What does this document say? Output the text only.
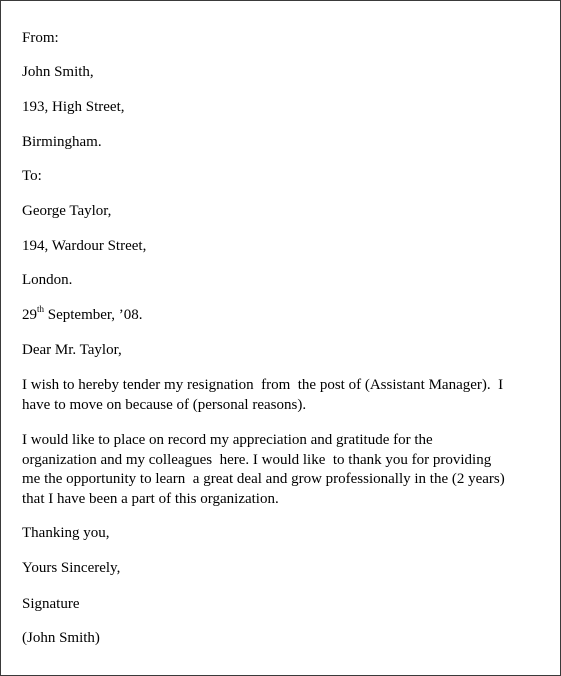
From:
John Smith,
193, High Street,
Birmingham.
To:
George Taylor,
194, Wardour Street,
London.
29th September, ’08.
Dear Mr. Taylor,
I wish to hereby tender my resignation  from  the post of (Assistant Manager).  I
have to move on because of (personal reasons).
I would like to place on record my appreciation and gratitude for the
organization and my colleagues  here. I would like  to thank you for providing
me the opportunity to learn  a great deal and grow professionally in the (2 years)
that I have been a part of this organization.
Thanking you,
Yours Sincerely,
Signature
(John Smith)
